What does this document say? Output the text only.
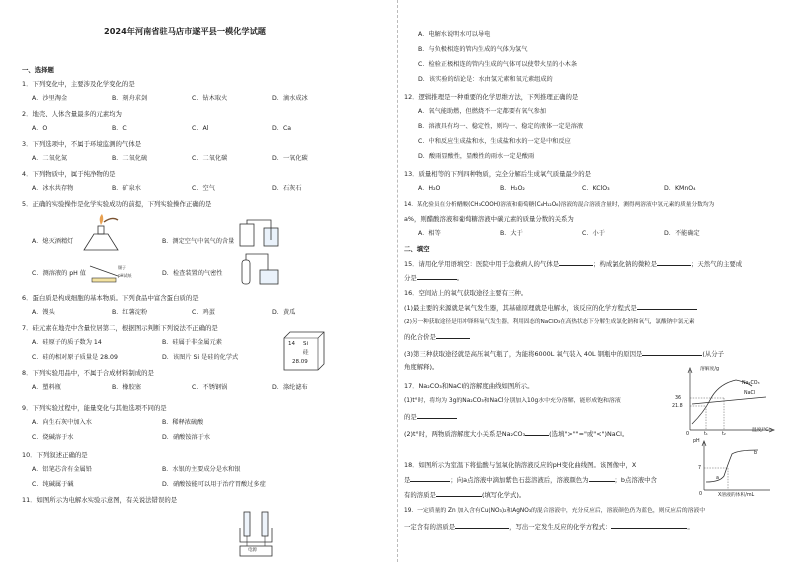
2024年河南省驻马店市遂平县一模化学试题
一、选择题
1．下列变化中，主要涉及化学变化的是
A．沙里淘金	B．刻舟求剑	C．钻木取火	D．滴水成冰
2．地壳、人体含量最多的元素均为
A．O	B．C	C．Al	D．Ca
3．下列选项中，不属于环境监测的气体是
A．二氧化氮	B．二氧化硫	C．二氧化碳	D．一氧化碳
4．下列物质中，属于纯净物的是
A．冰水共存物	B．矿泉水	C．空气	D．石灰石
5．正确的实验操作是化学实验成功的前提，下列实验操作正确的是
A．熄灭酒精灯	B．测定空气中氧气的含量
镊子
pH试纸
C．测溶液的 pH 值	D．检查装置的气密性
6．蛋白质是构成细胞的基本物质。下列食品中富含蛋白质的是
A．馒头	B．红薯淀粉	C．鸡蛋	D．黄瓜
7．硅元素在地壳中含量位居第二，根据图示判断下列说法不正确的是
A．硅原子的质子数为 14	B．硅属于非金属元素
C．硅的相对原子质量是 28.09	D．该图片 Si 是硅的化学式
14 Si
硅
28.09
8．下列实验用品中，不属于合成材料制成的是
A．塑料瓶	B．橡胶塞	C．不锈钢锅	D．涤纶滤布
9．下列实验过程中，能量变化与其他选项不同的是
A．向生石灰中加入水	B．稀释浓硫酸
C．烧碱溶于水	D．硝酸铵溶于水
10．下列叙述正确的是
A．铝笔芯含有金属铅	B．水银的主要成分是水和银
C．纯碱属于碱	D．硝酸铵能可以用于治疗胃酸过多症
11．如图所示为电解水实验示意图，有关说法错误的是
电源
A．电解水说明水可以导电
B．与负极相连的管内生成的气体为氢气
C．检验正极相连的管内生成的气体可以使带火星的小木条
D．该实验的结论是：水由氢元素和氧元素组成的
12．逻辑推理是一种重要的化学思维方法，下列推理正确的是
A．氧气能助燃，但燃烧不一定都要有氧气参加
B．溶液具有均一、稳定性，则均一、稳定的液体一定是溶液
C．中和反应生成盐和水，生成盐和水的一定是中和反应
D．酸雨显酸性，显酸性的雨水一定是酸雨
13．质量相等的下列四种物质，完全分解后生成氧气质量最少的是
A．H₂O	B．H₂O₂	C．KClO₃	D．KMnO₄
14．某化验员在分析醋酸(CH₃COOH)溶液和葡萄糖(C₆H₁₂O₆)溶液的混合溶液含量时，测得两溶液中氢元素的质量分数均为
a%，则醋酸溶液和葡萄糖溶液中碳元素的质量分数的关系为
A．相等	B．大于	C．小于	D．不能确定
二、填空
15．请用化学用语填空：医院中用于急救病人的气体是	；构成氯化钠的微粒是	；天然气的主要成
分是	。
16．空间站上的氧气获取途径主要有三种。
(1)最主要的来源就是氧气发生器，其基础原理就是电解水，该反应的化学方程式是
(2)另一种获取途径是用冲锋料氧气发生器，利用固态的NaClO₃在高热状态下分解生成氯化钠和氧气，氯酸钠中氯元素
的化合价是
(3)第三种获取途径就是高压氧气瓶了，为能将6000L 氧气装入 40L 钢瓶中的原因是	(从分子
角度解释)。
17．Na₂CO₃和NaCl的溶解度曲线如图所示。
(1)t°时，将均为 3g的Na₂CO₃和NaCl分别加入10g水中充分溶解，能形成饱和溶液
的是
(2)t°时，两物质溶解度大小关系是Na₂CO₃	(选填">""="或"<")NaCl。
溶解度/g
36
21.8
0	t₁	t₂
温度/℃
Na₂CO₃
NaCl
18．如图所示为室温下将盐酸与氢氧化钠溶液反应的pH变化曲线图。该图像中，X
是	；向a点溶液中滴加紫色石蕊溶液后，溶液颜色为	；b点溶液中含
有的溶质是	(填写化学式)。
pH
7
a
b
0	X溶液的体积/mL
19．一定质量的 Zn 加入含有Cu(NO₃)₂和AgNO₃的混合溶液中，充分反应后，溶液颜色仍为蓝色，则反应后的溶液中
一定含有的溶质是	，写出一定发生反应的化学方程式：	。
